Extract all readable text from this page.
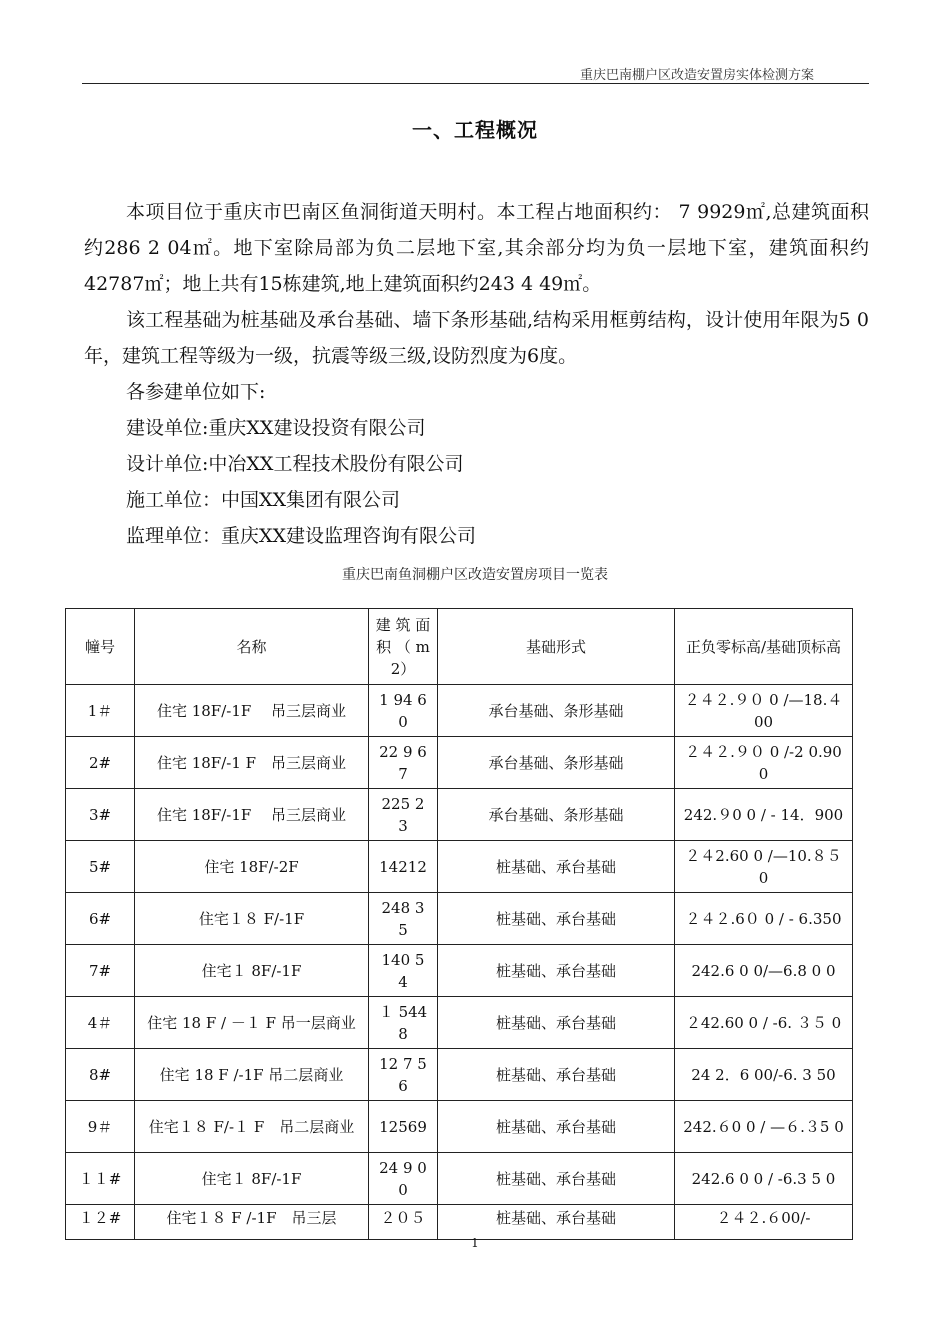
重庆巴南棚户区改造安置房实体检测方案
一、工程概况

本项目位于重庆市巴南区鱼洞街道天明村。本工程占地面积约： 7 9929㎡,总建筑面积约286 2 04㎡。地下室除局部为负二层地下室,其余部分均为负一层地下室，建筑面积约42787㎡；地上共有15栋建筑,地上建筑面积约243 4 49㎡。

该工程基础为桩基础及承台基础、墙下条形基础,结构采用框剪结构，设计使用年限为5 0 年，建筑工程等级为一级，抗震等级三级,设防烈度为6度。

各参建单位如下:

建设单位:重庆XX建设投资有限公司

设计单位:中冶XX工程技术股份有限公司

施工单位：中国XX集团有限公司

监理单位：重庆XX建设监理咨询有限公司

重庆巴南鱼洞棚户区改造安置房项目一览表
幢号	名称	建 筑 面 积 （ m 2）	基础形式	正负零标高/基础顶标高
1＃	住宅 18F/-1F　 吊三层商业	1 94 6 0	承台基础、条形基础	２４２.９０ 0 /—18.４00
2#	住宅 18F/-1 F　吊三层商业	22 9 67	承台基础、条形基础	２４２.９０ 0 /-2 0.900
3#	住宅 18F/-1F　 吊三层商业	225 2 3	承台基础、条形基础	242.９0 0 / - 14．900
5#	住宅 18F/-2F	14212	桩基础、承台基础	２４2.60 0 /—10.８５0
6#	住宅１８ F/-1F	248 3 5	桩基础、承台基础	２４２.6０ 0 / - 6.350
7#	住宅１ 8F/-1F	140 5 4	桩基础、承台基础	242.6 0 0/—6.8 0 0
4＃	住宅 18 F / －１ F 吊一层商业	１ 5448	桩基础、承台基础	２42.60 0 / -6. ３５ 0
8#	住宅 18 F /-1F 吊二层商业	12 7 56	桩基础、承台基础	24 2．6 00/-6. 3 50
9＃	住宅１８ F/-１ F　吊二层商业	12569	桩基础、承台基础	242.６0 0 / —６.３5 0
１１#	住宅１ 8F/-1F	24 9 0 0	桩基础、承台基础	242.6 0 0 / -6.3 5 0
１２#	住宅１８ F /-1F　吊三层	２０５	桩基础、承台基础	２４２.６00/-
1
